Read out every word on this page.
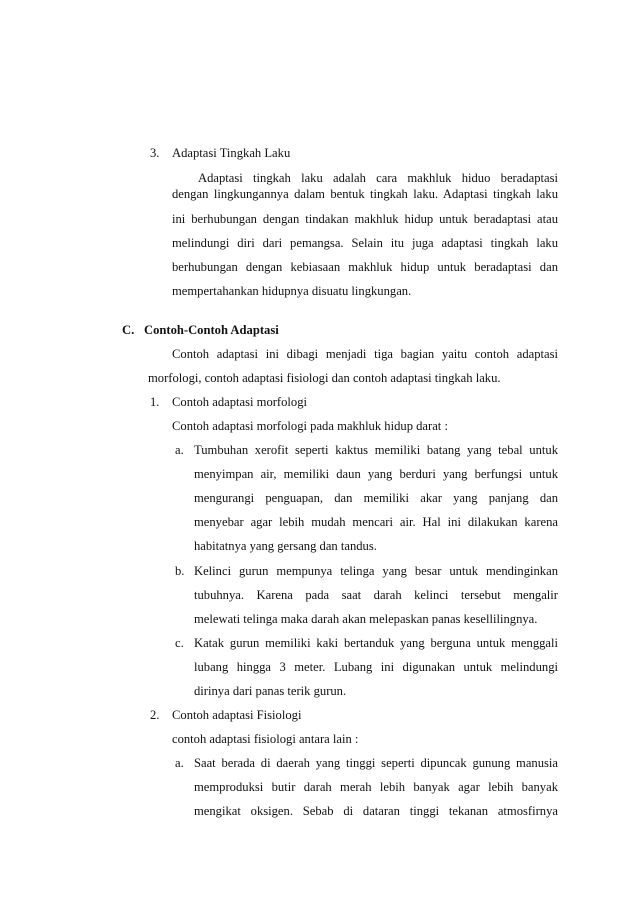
3. Adaptasi Tingkah Laku
Adaptasi tingkah laku adalah cara makhluk hiduo beradaptasi
dengan lingkungannya dalam bentuk tingkah laku. Adaptasi tingkah laku
ini berhubungan dengan tindakan makhluk hidup untuk beradaptasi atau
melindungi diri dari pemangsa. Selain itu juga adaptasi tingkah laku
berhubungan dengan kebiasaan makhluk hidup untuk beradaptasi dan
mempertahankan hidupnya disuatu lingkungan.
C. Contoh-Contoh Adaptasi
Contoh adaptasi ini dibagi menjadi tiga bagian yaitu contoh adaptasi
morfologi, contoh adaptasi fisiologi dan contoh adaptasi tingkah laku.
1. Contoh adaptasi morfologi
Contoh adaptasi morfologi pada makhluk hidup darat :
a. Tumbuhan xerofit seperti kaktus memiliki batang yang tebal untuk
menyimpan air, memiliki daun yang berduri yang berfungsi untuk
mengurangi penguapan, dan memiliki akar yang panjang dan
menyebar agar lebih mudah mencari air. Hal ini dilakukan karena
habitatnya yang gersang dan tandus.
b. Kelinci gurun mempunya telinga yang besar untuk mendinginkan
tubuhnya. Karena pada saat darah kelinci tersebut mengalir
melewati telinga maka darah akan melepaskan panas kesellilingnya.
c. Katak gurun memiliki kaki bertanduk yang berguna untuk menggali
lubang hingga 3 meter. Lubang ini digunakan untuk melindungi
dirinya dari panas terik gurun.
2. Contoh adaptasi Fisiologi
contoh adaptasi fisiologi antara lain :
a. Saat berada di daerah yang tinggi seperti dipuncak gunung manusia
memproduksi butir darah merah lebih banyak agar lebih banyak
mengikat oksigen. Sebab di dataran tinggi tekanan atmosfirnya
